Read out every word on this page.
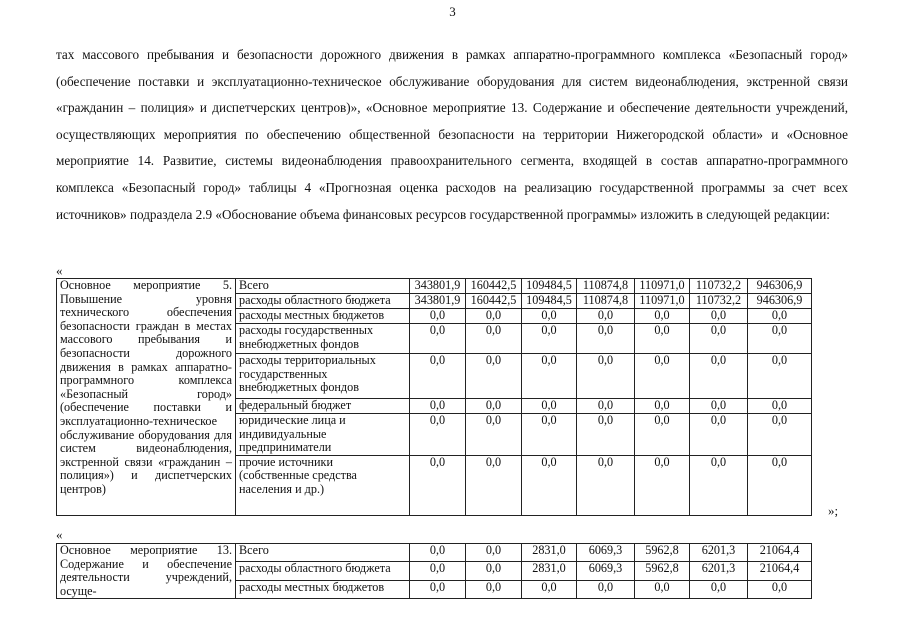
3
тах массового пребывания и безопасности дорожного движения в рамках аппаратно-программного комплекса «Безопасный город» (обеспечение поставки и эксплуатационно-техническое обслуживание оборудования для систем видеонаблюдения, экстренной связи «гражданин – полиция» и диспетчерских центров)», «Основное мероприятие 13. Содержание и обеспечение деятельности учреждений, осуществляющих мероприятия по обеспечению общественной безопасности на территории Нижегородской области» и «Основное мероприятие 14. Развитие, системы видеонаблюдения правоохранительного сегмента, входящей в состав аппаратно-программного комплекса «Безопасный город» таблицы 4 «Прогнозная оценка расходов на реализацию государственной программы за счет всех источников» подраздела 2.9 «Обоснование объема финансовых ресурсов государственной программы» изложить в следующей редакции:
«
Основное мероприятие 5. Повышение уровня технического обеспечения безопасности граждан в местах массового пребывания и безопасности дорожного движения в рамках аппаратно-программного комплекса «Безопасный город» (обеспечение поставки и эксплуатационно-техническое обслуживание оборудования для систем видеонаблюдения, экстренной связи «гражданин – полиция») и диспетчерских центров)	Всего	343801,9	160442,5	109484,5	110874,8	110971,0	110732,2	946306,9
	расходы областного бюджета	343801,9	160442,5	109484,5	110874,8	110971,0	110732,2	946306,9
	расходы местных бюджетов	0,0	0,0	0,0	0,0	0,0	0,0	0,0
	расходы государственных внебюджетных фондов	0,0	0,0	0,0	0,0	0,0	0,0	0,0
	расходы территориальных государственных внебюджетных фондов	0,0	0,0	0,0	0,0	0,0	0,0	0,0
	федеральный бюджет	0,0	0,0	0,0	0,0	0,0	0,0	0,0
	юридические лица и индивидуальные предприниматели	0,0	0,0	0,0	0,0	0,0	0,0	0,0
	прочие источники (собственные средства населения и др.)	0,0	0,0	0,0	0,0	0,0	0,0	0,0
»;
«
Основное мероприятие 13. Содержание и обеспечение деятельности учреждений, осуще-	Всего	0,0	0,0	2831,0	6069,3	5962,8	6201,3	21064,4
	расходы областного бюджета	0,0	0,0	2831,0	6069,3	5962,8	6201,3	21064,4
	расходы местных бюджетов	0,0	0,0	0,0	0,0	0,0	0,0	0,0
